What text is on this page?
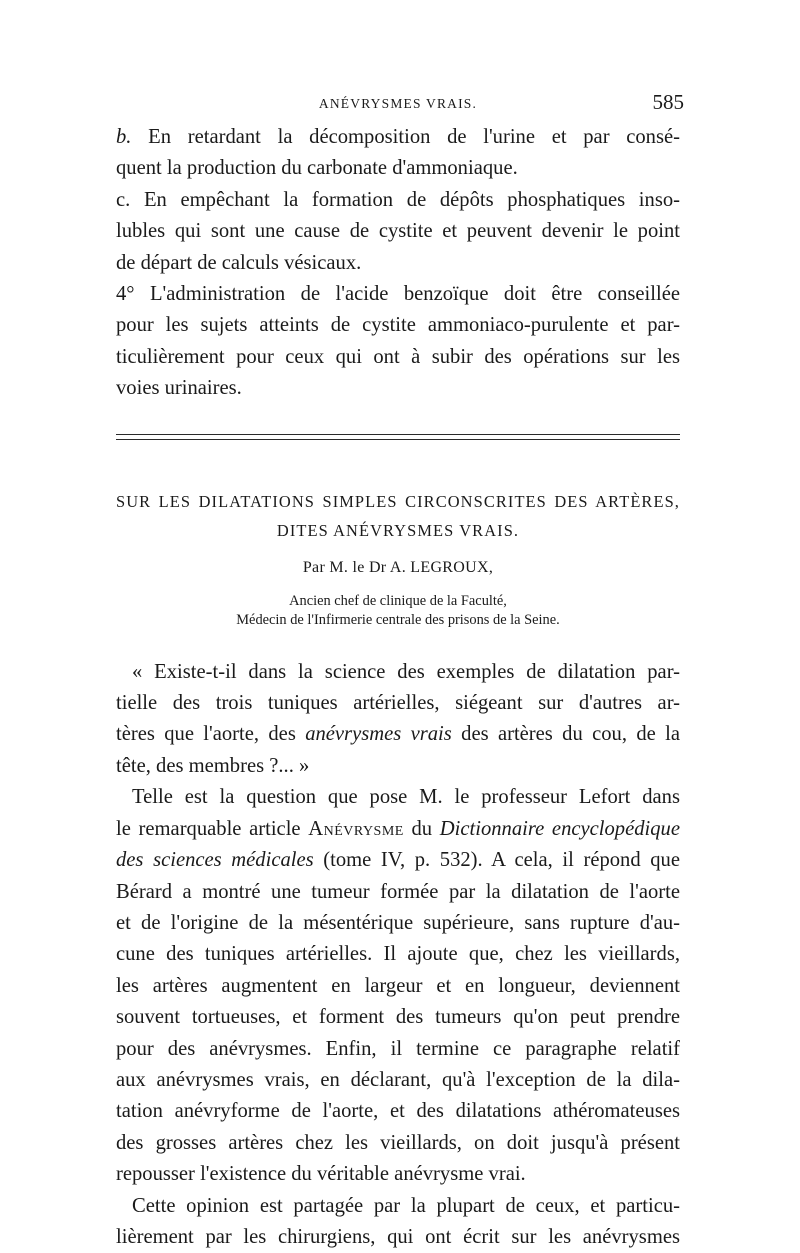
ANÉVRYSMES VRAIS.	585

b. En retardant la décomposition de l'urine et par consé-

quent la production du carbonate d'ammoniaque.

c. En empêchant la formation de dépôts phosphatiques inso-

lubles qui sont une cause de cystite et peuvent devenir le point

de départ de calculs vésicaux.

4° L'administration de l'acide benzoïque doit être conseillée

pour les sujets atteints de cystite ammoniaco-purulente et par-

ticulièrement pour ceux qui ont à subir des opérations sur les

voies urinaires.

SUR LES DILATATIONS SIMPLES CIRCONSCRITES DES ARTÈRES,
DITES ANÉVRYSMES VRAIS.
Par M. le Dr A. LEGROUX,
Ancien chef de clinique de la Faculté,
Médecin de l'Infirmerie centrale des prisons de la Seine.

« Existe-t-il dans la science des exemples de dilatation par-

tielle des trois tuniques artérielles, siégeant sur d'autres ar-

tères que l'aorte, des anévrysmes vrais des artères du cou, de la

tête, des membres ?... »

Telle est la question que pose M. le professeur Lefort dans

le remarquable article Anévrysme du Dictionnaire encyclopédique

des sciences médicales (tome IV, p. 532). A cela, il répond que

Bérard a montré une tumeur formée par la dilatation de l'aorte

et de l'origine de la mésentérique supérieure, sans rupture d'au-

cune des tuniques artérielles. Il ajoute que, chez les vieillards,

les artères augmentent en largeur et en longueur, deviennent

souvent tortueuses, et forment des tumeurs qu'on peut prendre

pour des anévrysmes. Enfin, il termine ce paragraphe relatif

aux anévrysmes vrais, en déclarant, qu'à l'exception de la dila-

tation anévryforme de l'aorte, et des dilatations athéromateuses

des grosses artères chez les vieillards, on doit jusqu'à présent

repousser l'existence du véritable anévrysme vrai.

Cette opinion est partagée par la plupart de ceux, et particu-

lièrement par les chirurgiens, qui ont écrit sur les anévrysmes
